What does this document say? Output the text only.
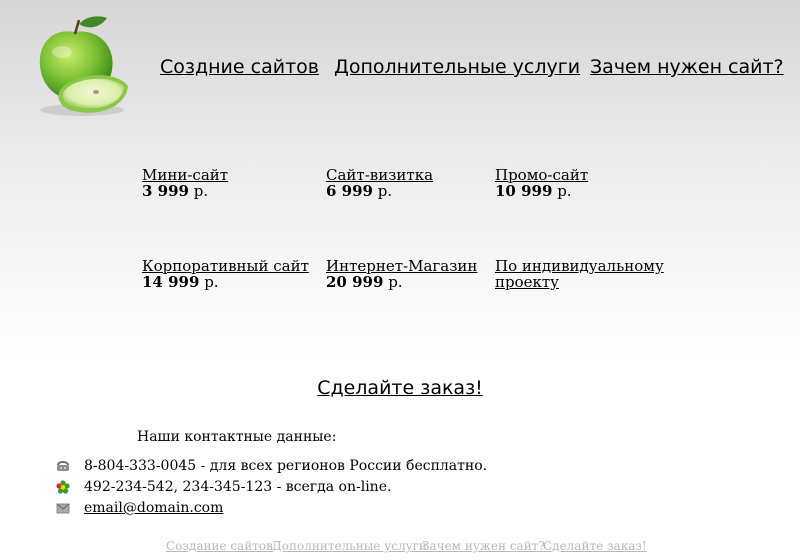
Создние сайтов Дополнительные услуги Зачем нужен сайт?
Мини-сайт
3 999 р.
Сайт-визитка
6 999 р.
Промо-сайт
10 999 р.
Корпоративный сайт
14 999 р.
Интернет-Магазин
20 999 р.
По индивидуальному
проекту
Сделайте заказ!
Наши контактные данные:
8-804-333-0045 - для всех регионов России бесплатно.
492-234-542, 234-345-123 - всегда on-line.
email@domain.com
Создание сайтов Дополнительные услуги
Зачем нужен сайт?
Сделайте заказ!
